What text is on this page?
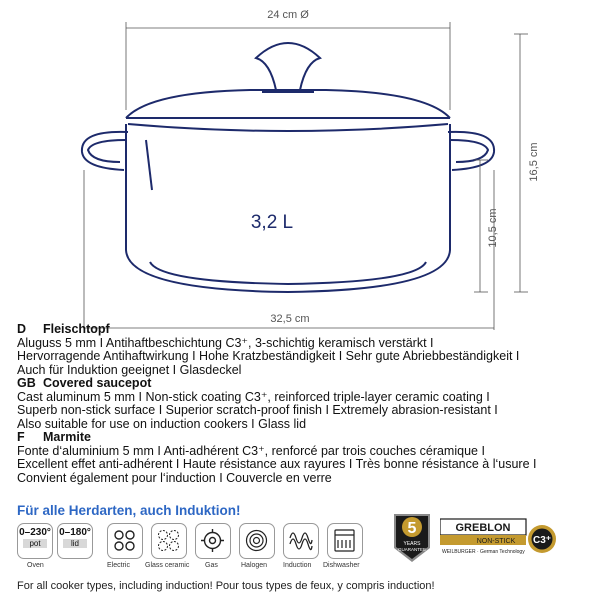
24 cm Ø
32,5 cm
10,5 cm
16,5 cm
3,2 L
D Fleischtopf
Aluguss 5 mm I Antihaftbeschichtung C3⁺, 3-schichtig keramisch verstärkt I
Hervorragende Antihaftwirkung I Hohe Kratzbeständigkeit I Sehr gute Abriebbeständigkeit I
Auch für Induktion geeignet I Glasdeckel
GB Covered saucepot
Cast aluminum 5 mm I Non-stick coating C3⁺, reinforced triple-layer ceramic coating I
Superb non-stick surface I Superior scratch-proof finish I Extremely abrasion-resistant I
Also suitable for use on induction cookers I Glass lid
F Marmite
Fonte d‘aluminium 5 mm I Anti-adhérent C3⁺, renforcé par trois couches céramique I
Excellent effet anti-adhérent I Haute résistance aux rayures I Très bonne résistance à l‘usure I
Convient également pour l‘induction I Couvercle en verre
Für alle Herdarten, auch Induktion!
0–230°
pot
0–180°
lid
Oven	Electric Glass ceramic Gas	Halogen Induction Dishwasher
5
YEARS
GUARANTEE
GREBLON
NON-STICK
WEILBURGER · German Technology
C3⁺
For all cooker types, including induction! Pour tous types de feux, y compris induction!
